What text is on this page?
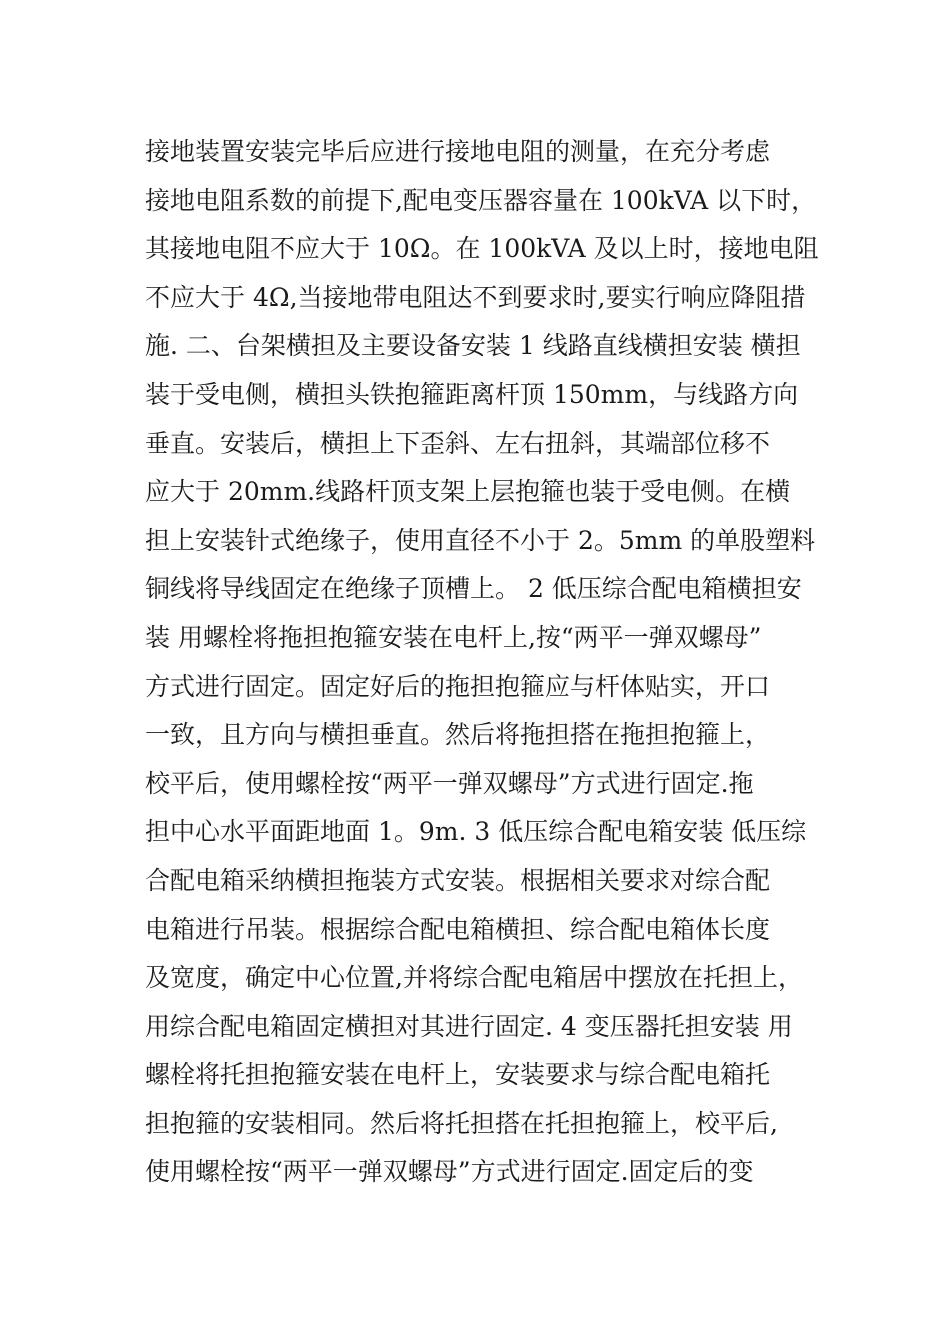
接地装置安装完毕后应进行接地电阻的测量，在充分考虑
接地电阻系数的前提下,配电变压器容量在 100kVA 以下时，
其接地电阻不应大于 10Ω。在 100kVA 及以上时，接地电阻
不应大于 4Ω,当接地带电阻达不到要求时,要实行响应降阻措
施. 二、台架横担及主要设备安装 1 线路直线横担安装 横担
装于受电侧，横担头铁抱箍距离杆顶 150mm，与线路方向
垂直。安装后，横担上下歪斜、左右扭斜，其端部位移不
应大于 20mm.线路杆顶支架上层抱箍也装于受电侧。在横
担上安装针式绝缘子，使用直径不小于 2。5mm 的单股塑料
铜线将导线固定在绝缘子顶槽上。 2 低压综合配电箱横担安
装 用螺栓将拖担抱箍安装在电杆上,按“两平一弹双螺母”
方式进行固定。固定好后的拖担抱箍应与杆体贴实，开口
一致，且方向与横担垂直。然后将拖担搭在拖担抱箍上，
校平后，使用螺栓按“两平一弹双螺母”方式进行固定.拖
担中心水平面距地面 1。9m. 3 低压综合配电箱安装 低压综
合配电箱采纳横担拖装方式安装。根据相关要求对综合配
电箱进行吊装。根据综合配电箱横担、综合配电箱体长度
及宽度，确定中心位置,并将综合配电箱居中摆放在托担上，
用综合配电箱固定横担对其进行固定. 4 变压器托担安装 用
螺栓将托担抱箍安装在电杆上，安装要求与综合配电箱托
担抱箍的安装相同。然后将托担搭在托担抱箍上，校平后,
使用螺栓按“两平一弹双螺母”方式进行固定.固定后的变
